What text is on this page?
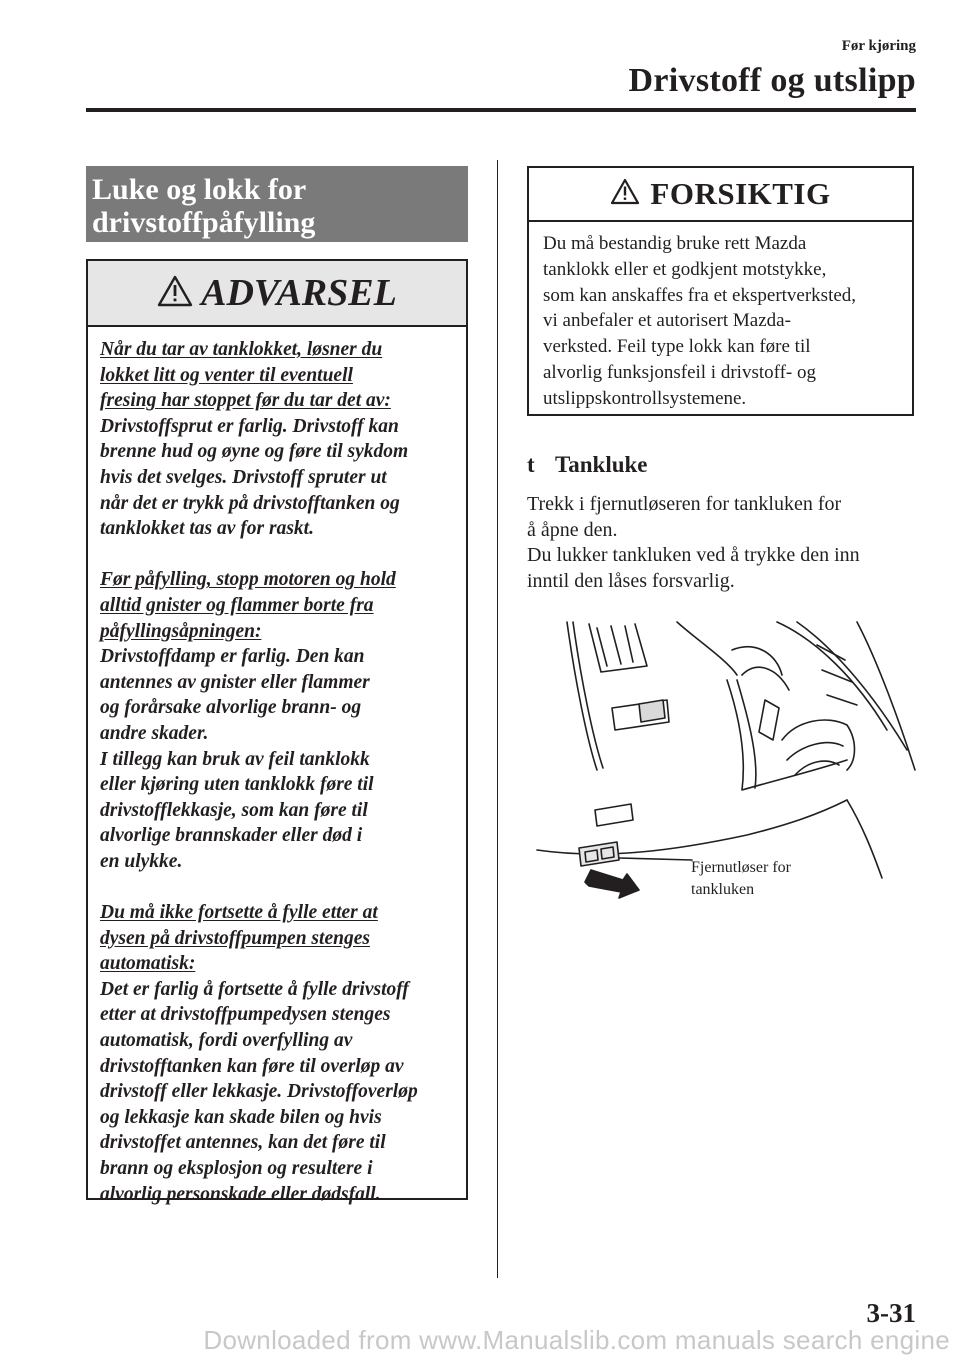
Før kjøring
Drivstoff og utslipp
Luke og lokk for
drivstoffpåfylling
ADVARSEL
Når du tar av tanklokket, løsner du
lokket litt og venter til eventuell
fresing har stoppet før du tar det av:
Drivstoffsprut er farlig. Drivstoff kan
brenne hud og øyne og føre til sykdom
hvis det svelges. Drivstoff spruter ut
når det er trykk på drivstofftanken og
tanklokket tas av for raskt.
Før påfylling, stopp motoren og hold
alltid gnister og flammer borte fra
påfyllingsåpningen:
Drivstoffdamp er farlig. Den kan
antennes av gnister eller flammer
og forårsake alvorlige brann- og
andre skader.
I tillegg kan bruk av feil tanklokk
eller kjøring uten tanklokk føre til
drivstofflekkasje, som kan føre til
alvorlige brannskader eller død i
en ulykke.
Du må ikke fortsette å fylle etter at
dysen på drivstoffpumpen stenges
automatisk:
Det er farlig å fortsette å fylle drivstoff
etter at drivstoffpumpedysen stenges
automatisk, fordi overfylling av
drivstofftanken kan føre til overløp av
drivstoff eller lekkasje. Drivstoffoverløp
og lekkasje kan skade bilen og hvis
drivstoffet antennes, kan det føre til
brann og eksplosjon og resultere i
alvorlig personskade eller dødsfall.
FORSIKTIG
Du må bestandig bruke rett Mazda
tanklokk eller et godkjent motstykke,
som kan anskaffes fra et ekspertverksted,
vi anbefaler et autorisert Mazda-
verksted. Feil type lokk kan føre til
alvorlig funksjonsfeil i drivstoff- og
utslippskontrollsystemene.
t Tankluke
Trekk i fjernutløseren for tankluken for
å åpne den.
Du lukker tankluken ved å trykke den inn
inntil den låses forsvarlig.
Fjernutløser for
tankluken
3-31
Downloaded from www.Manualslib.com manuals search engine
